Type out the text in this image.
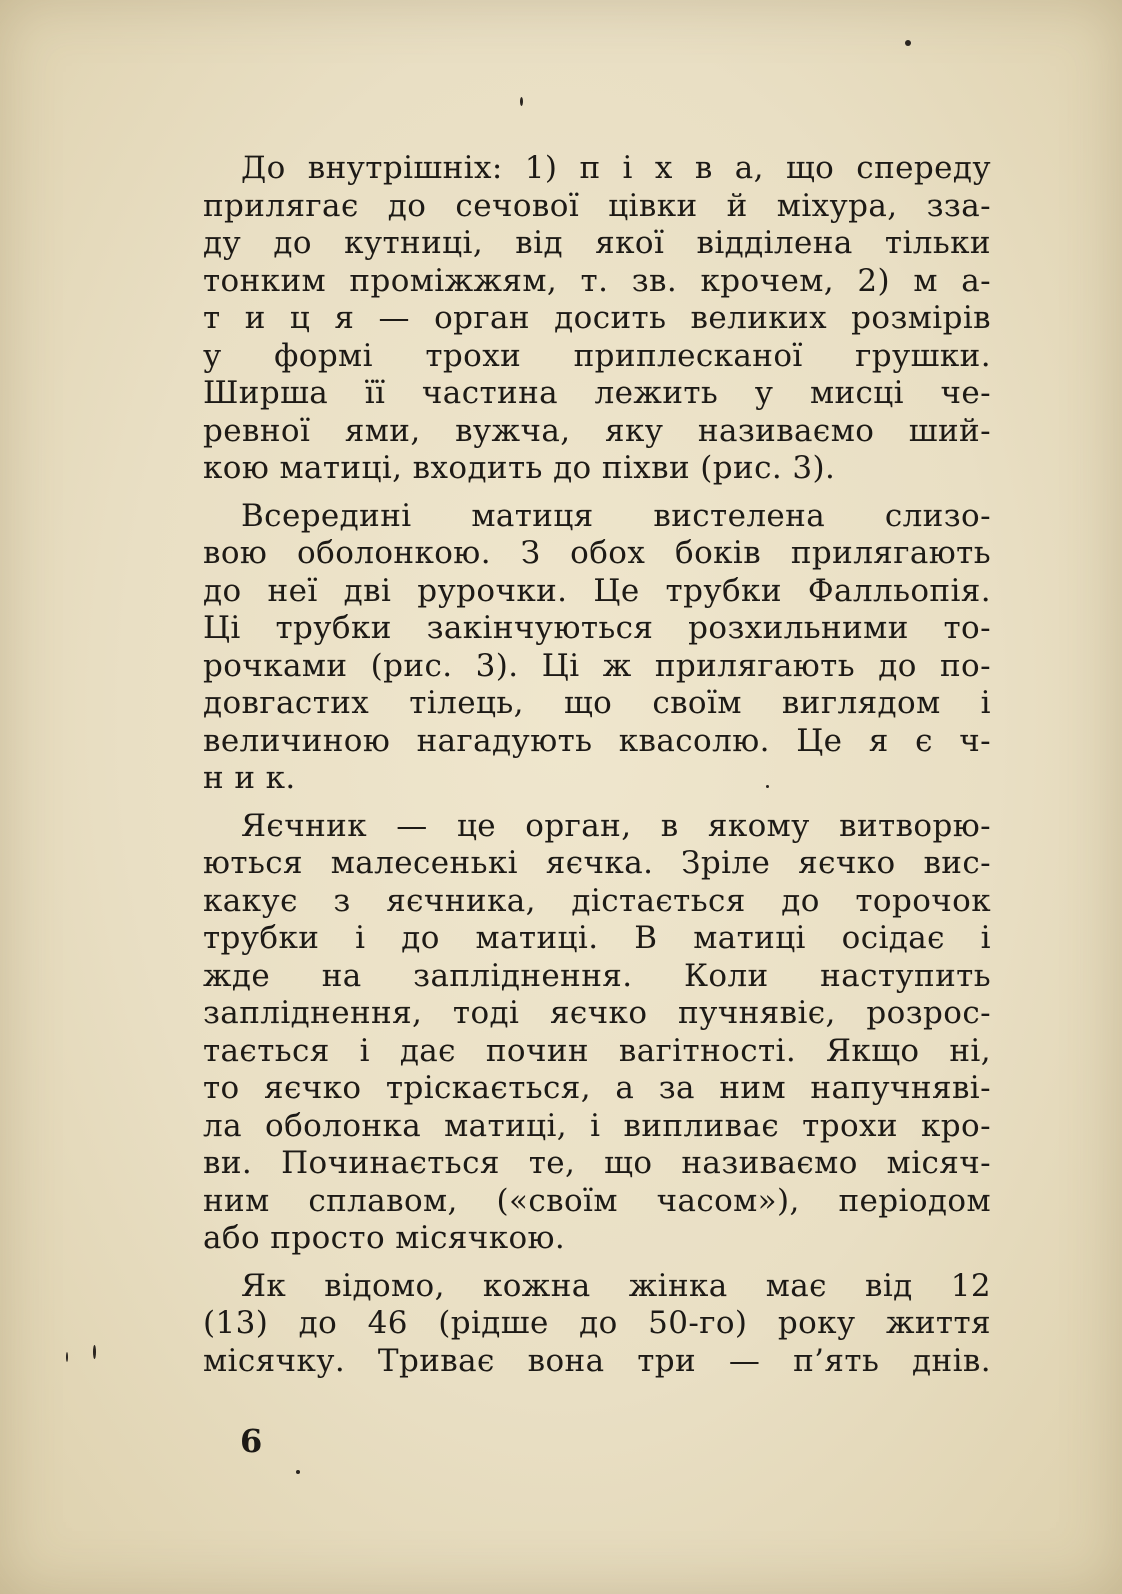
До внутрішніх: 1) п і х в а, що спереду
прилягає до сечової цівки й міхура, зза-
ду до кутниці, від якої відділена тільки
тонким проміжжям, т. зв. крочем, 2) м а-
т и ц я — орган досить великих розмірів
у формі трохи приплесканої грушки.
Ширша її частина лежить у мисці че-
ревної ями, вужча, яку називаємо ший-
кою матиці, входить до піхви (рис. 3).
Всередині матиця вистелена слизо-
вою оболонкою. З обох боків прилягають
до неї дві рурочки. Це трубки Фалльопія.
Ці трубки закінчуються розхильними то-
рочками (рис. 3). Ці ж прилягають до по-
довгастих тілець, що своїм виглядом і
величиною нагадують квасолю. Це я є ч-
н и к.
Яєчник — це орган, в якому витворю-
ються малесенькі яєчка. Зріле яєчко вис-
какує з яєчника, дістається до торочок
трубки і до матиці. В матиці осідає і
жде на запліднення. Коли наступить
запліднення, тоді яєчко пучнявіє, розрос-
тається і дає почин вагітності. Якщо ні,
то яєчко тріскається, а за ним напучняві-
ла оболонка матиці, і випливає трохи кро-
ви. Починається те, що називаємо місяч-
ним сплавом, («своїм часом»), періодом
або просто місячкою.
Як відомо, кожна жінка має від 12
(13) до 46 (рідше до 50-го) року життя
місячку. Триває вона три — п’ять днів.
6
